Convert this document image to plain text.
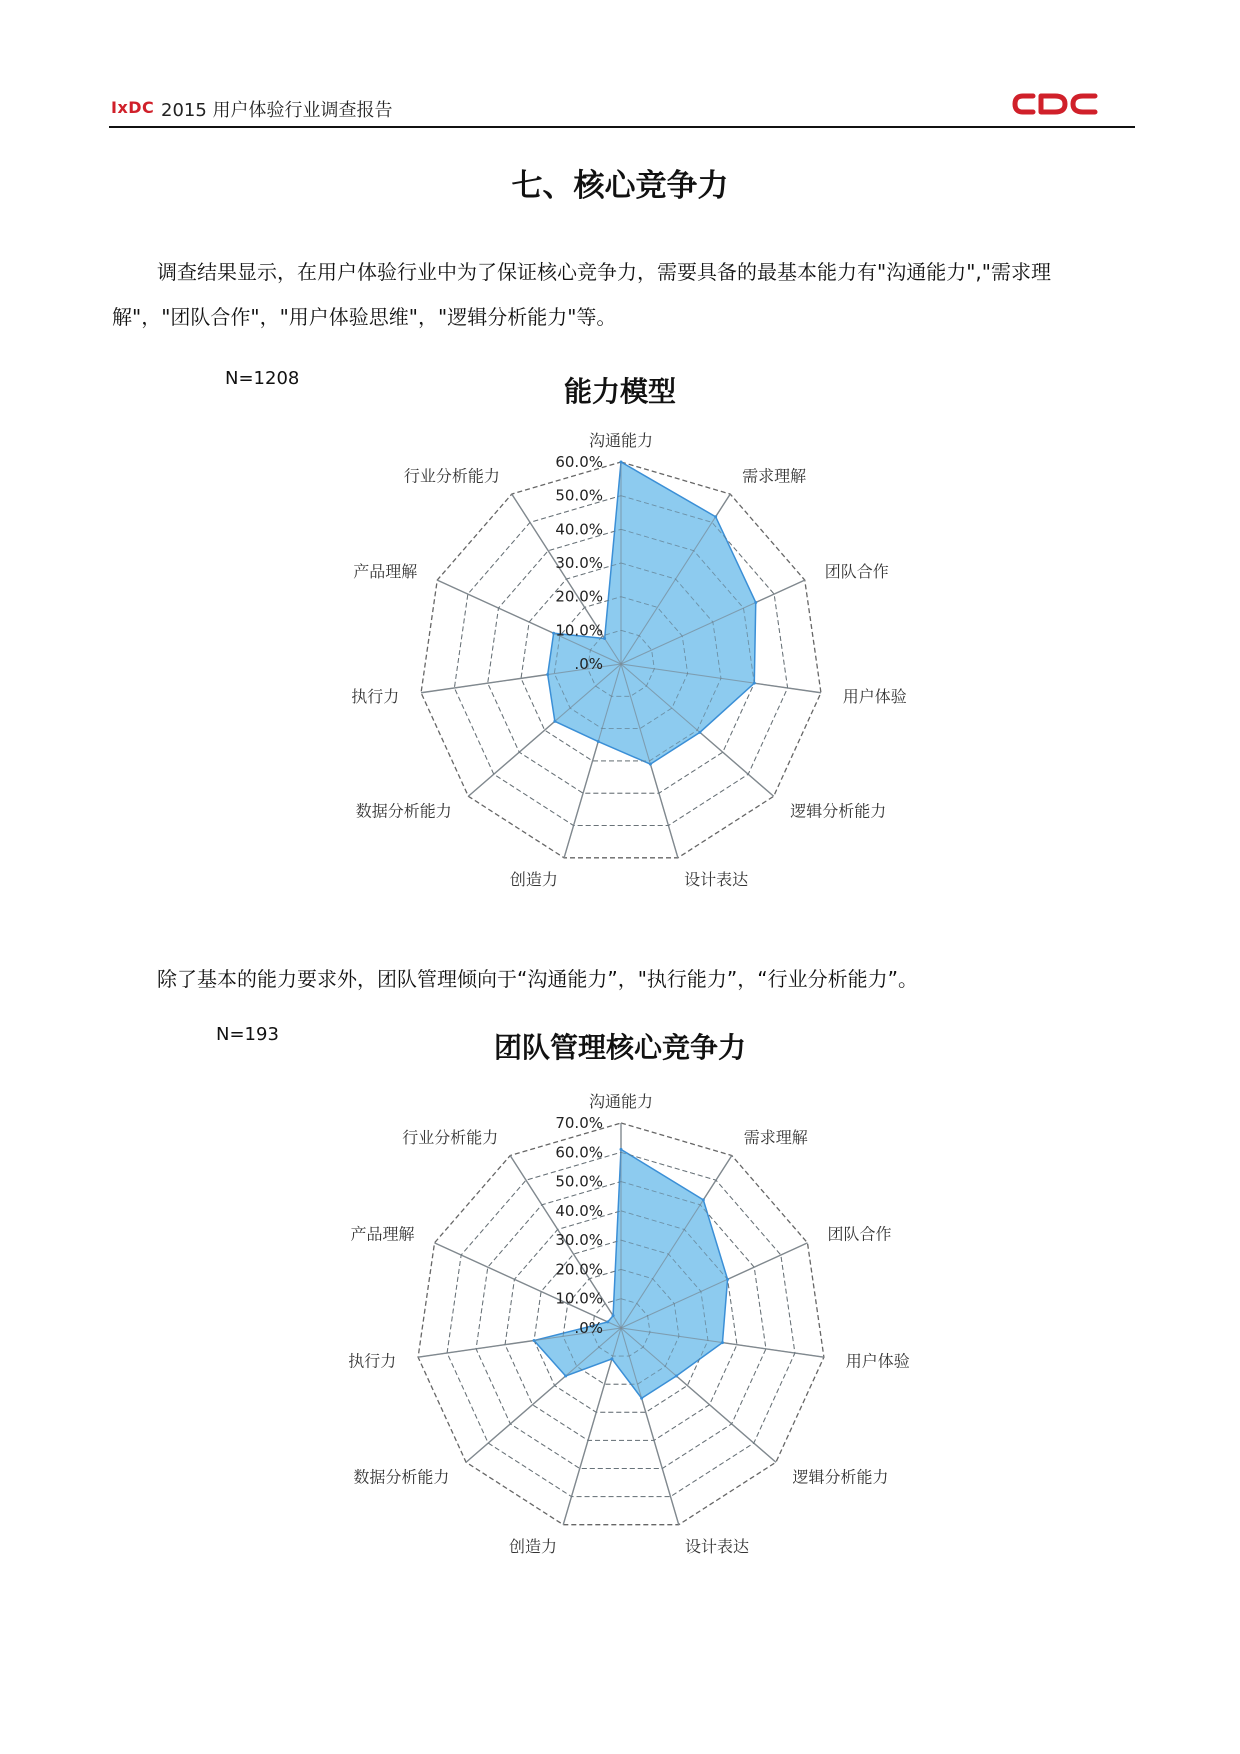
IxDC 2015 用户体验行业调查报告
七、核心竞争力
调查结果显示，在用户体验行业中为了保证核心竞争力，需要具备的最基本能力有"沟通能力","需求理
解"，"团队合作"，"用户体验思维"，"逻辑分析能力"等。
N=1208	能力模型
.0%
10.0%
20.0%
30.0%
40.0%
50.0%
60.0%
沟通能力
需求理解
团队合作
用户体验
逻辑分析能力
设计表达
创造力
数据分析能力
执行力
产品理解
行业分析能力
除了基本的能力要求外，团队管理倾向于“沟通能力”，"执行能力”，“行业分析能力”。
N=193	团队管理核心竞争力
.0%
10.0%
20.0%
30.0%
40.0%
50.0%
60.0%
70.0%
沟通能力
需求理解
团队合作
用户体验
逻辑分析能力
设计表达
创造力
数据分析能力
执行力
产品理解
行业分析能力
